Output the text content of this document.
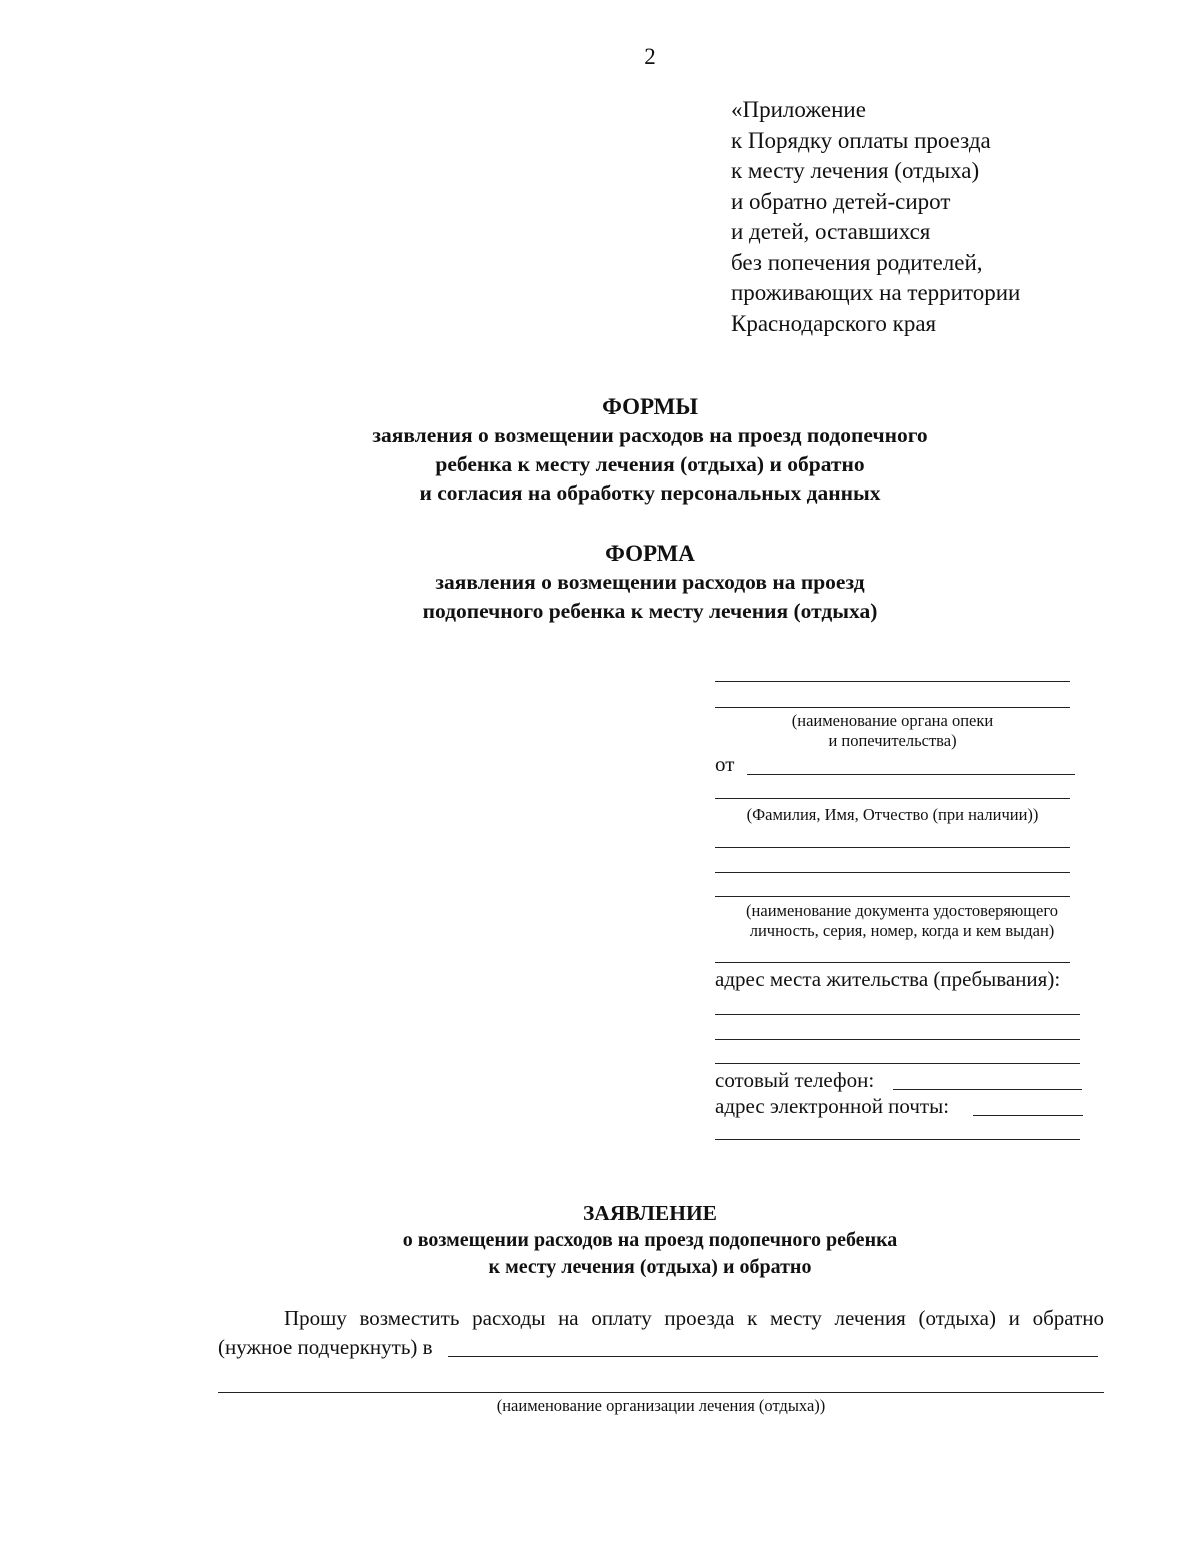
2
«Приложение
к Порядку оплаты проезда
к месту лечения (отдыха)
и обратно детей-сирот
и детей, оставшихся
без попечения родителей,
проживающих на территории
Краснодарского края
ФОРМЫ
заявления о возмещении расходов на проезд подопечного
ребенка к месту лечения (отдыха) и обратно
и согласия на обработку персональных данных
ФОРМА
заявления о возмещении расходов на проезд
подопечного ребенка к месту лечения (отдыха)
(наименование органа опеки
и попечительства)
от
(Фамилия, Имя, Отчество (при наличии))
(наименование документа удостоверяющего
личность, серия, номер, когда и кем выдан)
адрес места жительства (пребывания):
сотовый телефон:
адрес электронной почты:
ЗАЯВЛЕНИЕ
о возмещении расходов на проезд подопечного ребенка
к месту лечения (отдыха) и обратно
Прошу возместить расходы на оплату проезда к месту лечения (отдыха) и обратно
(нужное подчеркнуть) в
(наименование организации лечения (отдыха))
